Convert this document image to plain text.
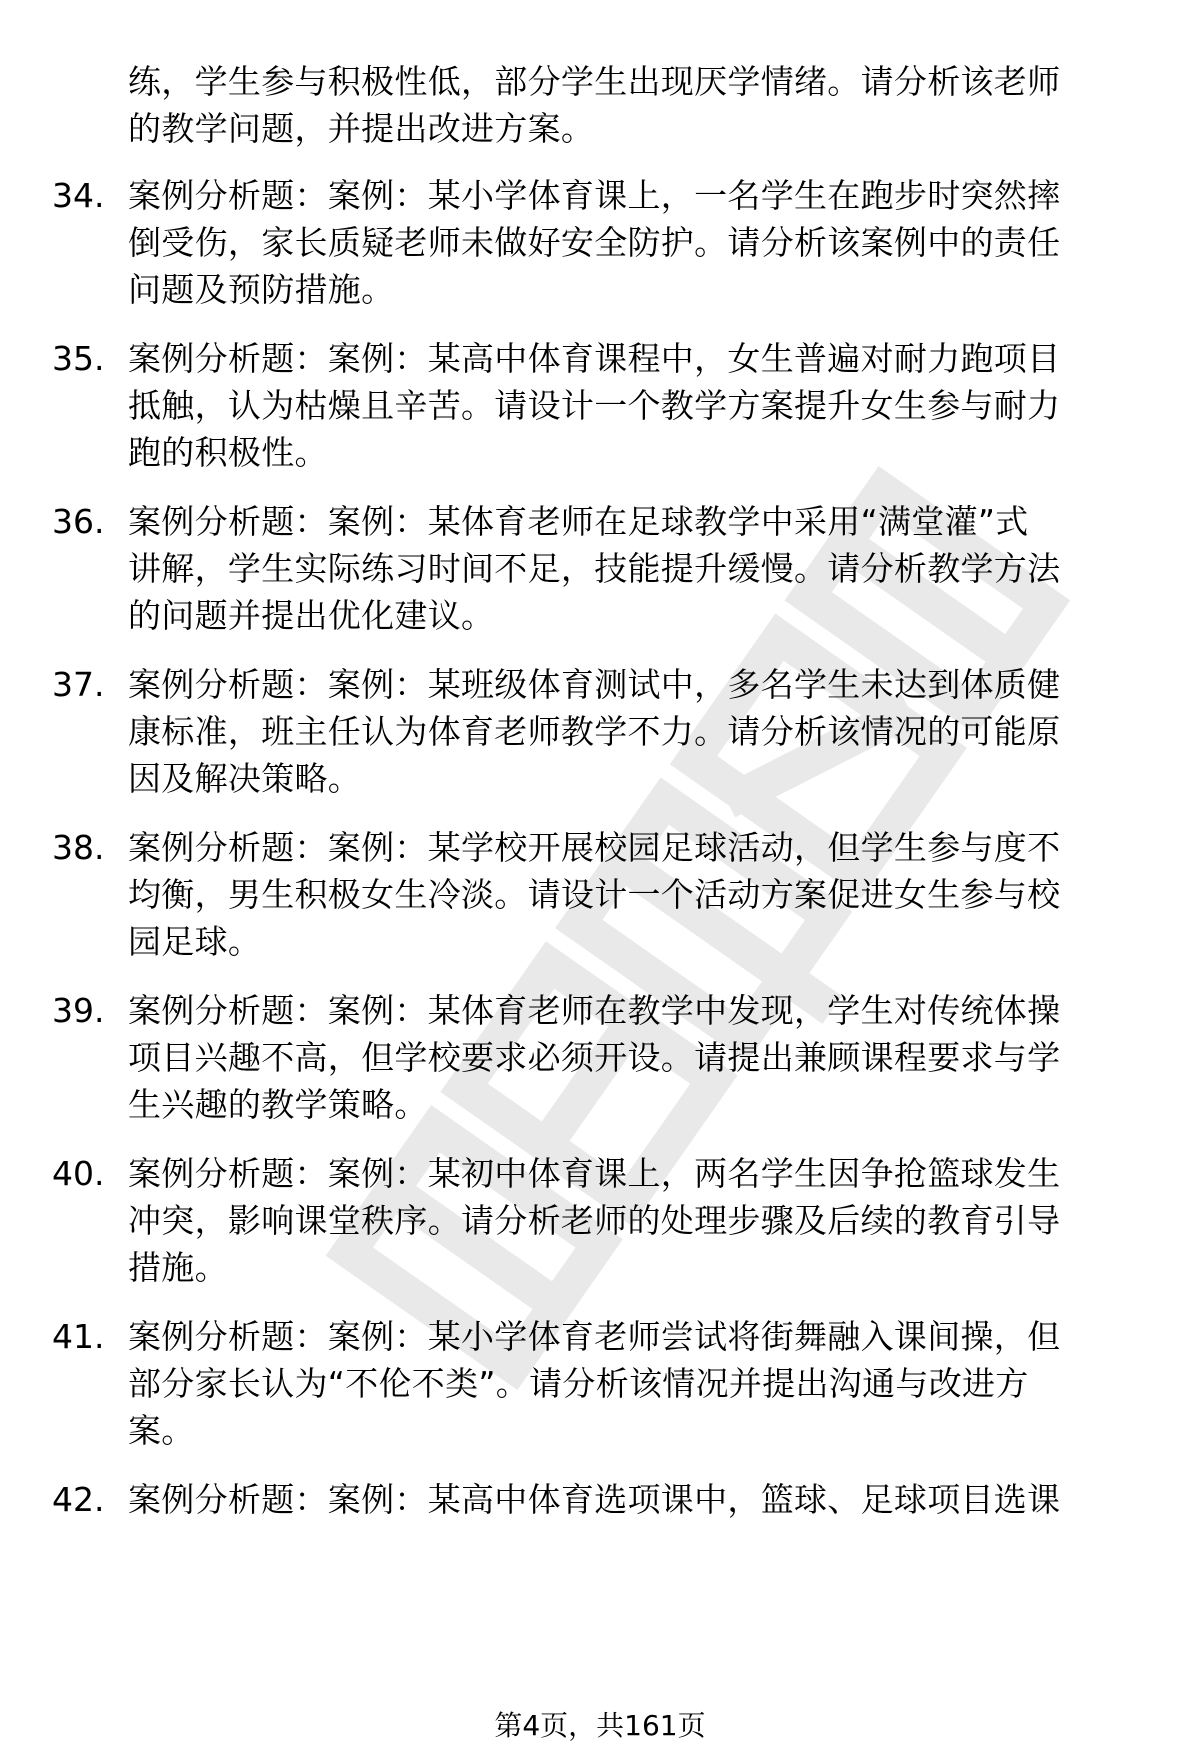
练，学生参与积极性低，部分学生出现厌学情绪。请分析该老师
的教学问题，并提出改进方案。
34. 案例分析题：案例：某小学体育课上，一名学生在跑步时突然摔
倒受伤，家长质疑老师未做好安全防护。请分析该案例中的责任
问题及预防措施。
35. 案例分析题：案例：某高中体育课程中，女生普遍对耐力跑项目
抵触，认为枯燥且辛苦。请设计一个教学方案提升女生参与耐力
跑的积极性。
36. 案例分析题：案例：某体育老师在足球教学中采用“满堂灌”式
讲解，学生实际练习时间不足，技能提升缓慢。请分析教学方法
的问题并提出优化建议。
37. 案例分析题：案例：某班级体育测试中，多名学生未达到体质健
康标准，班主任认为体育老师教学不力。请分析该情况的可能原
因及解决策略。
38. 案例分析题：案例：某学校开展校园足球活动，但学生参与度不
均衡，男生积极女生冷淡。请设计一个活动方案促进女生参与校
园足球。
39. 案例分析题：案例：某体育老师在教学中发现，学生对传统体操
项目兴趣不高，但学校要求必须开设。请提出兼顾课程要求与学
生兴趣的教学策略。
40. 案例分析题：案例：某初中体育课上，两名学生因争抢篮球发生
冲突，影响课堂秩序。请分析老师的处理步骤及后续的教育引导
措施。
41. 案例分析题：案例：某小学体育老师尝试将街舞融入课间操，但
部分家长认为“不伦不类”。请分析该情况并提出沟通与改进方
案。
42. 案例分析题：案例：某高中体育选项课中，篮球、足球项目选课
第4页，共161页
